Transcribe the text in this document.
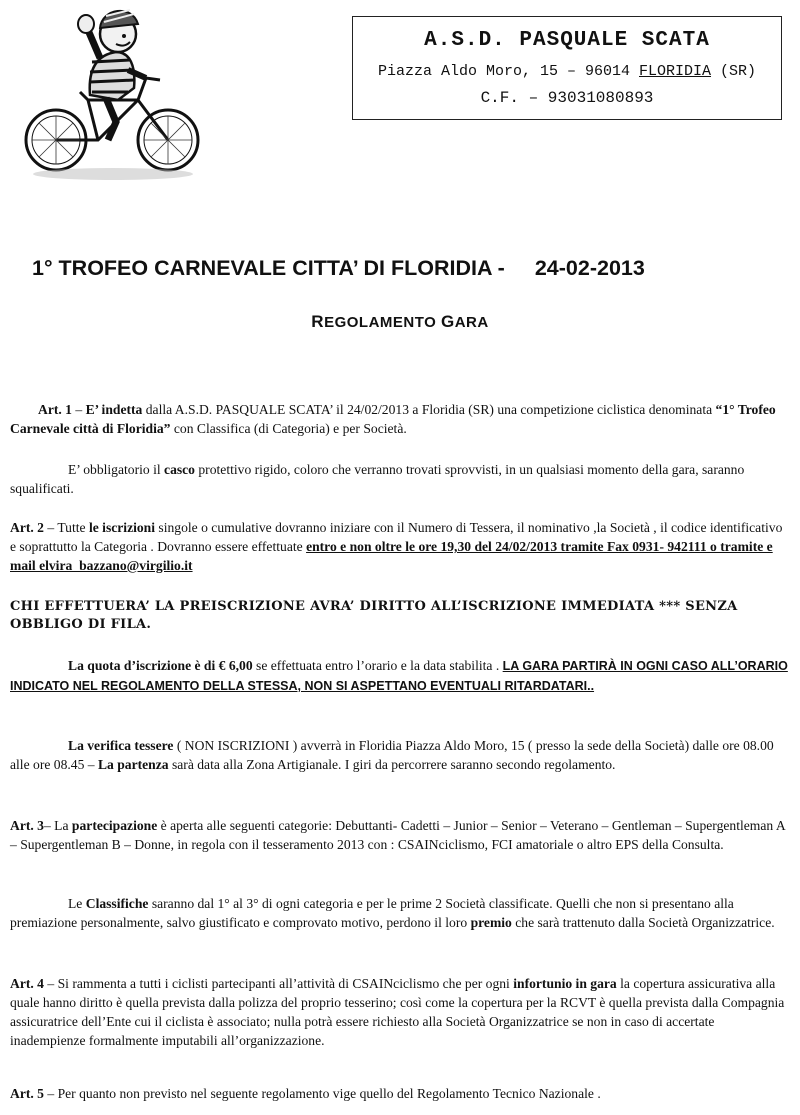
A.S.D. PASQUALE SCATA
Piazza Aldo Moro, 15 – 96014 FLORIDIA (SR)
C.F. – 93031080893
1° TROFEO CARNEVALE CITTA’ DI FLORIDIA - 24-02-2013
REGOLAMENTO GARA
Art. 1 – E’ indetta dalla A.S.D. PASQUALE SCATA’ il 24/02/2013 a Floridia (SR) una competizione ciclistica denominata “1° Trofeo Carnevale città di Floridia” con Classifica (di Categoria) e per Società.
E’ obbligatorio il casco protettivo rigido, coloro che verranno trovati sprovvisti, in un qualsiasi momento della gara, saranno squalificati.
Art. 2 – Tutte le iscrizioni singole o cumulative dovranno iniziare con il Numero di Tessera, il nominativo ,la Società , il codice identificativo e soprattutto la Categoria . Dovranno essere effettuate entro e non oltre le ore 19,30 del 24/02/2013 tramite Fax 0931- 942111 o tramite e mail elvira_bazzano@virgilio.it
CHI EFFETTUERA’ LA PREISCRIZIONE AVRA’ DIRITTO ALL’ISCRIZIONE IMMEDIATA *** SENZA OBBLIGO DI FILA.
La quota d’iscrizione è di € 6,00 se effettuata entro l’orario e la data stabilita . LA GARA PARTIRÀ IN OGNI CASO ALL’ORARIO INDICATO NEL REGOLAMENTO DELLA STESSA, NON SI ASPETTANO EVENTUALI RITARDATARI..
La verifica tessere ( NON ISCRIZIONI ) avverrà in Floridia Piazza Aldo Moro, 15 ( presso la sede della Società) dalle ore 08.00 alle ore 08.45 – La partenza sarà data alla Zona Artigianale. I giri da percorrere saranno secondo regolamento.
Art. 3– La partecipazione è aperta alle seguenti categorie: Debuttanti- Cadetti – Junior – Senior – Veterano – Gentleman – Supergentleman A – Supergentleman B – Donne, in regola con il tesseramento 2013 con : CSAINciclismo, FCI amatoriale o altro EPS della Consulta.
Le Classifiche saranno dal 1° al 3° di ogni categoria e per le prime 2 Società classificate. Quelli che non si presentano alla premiazione personalmente, salvo giustificato e comprovato motivo, perdono il loro premio che sarà trattenuto dalla Società Organizzatrice.
Art. 4 – Si rammenta a tutti i ciclisti partecipanti all’attività di CSAINciclismo che per ogni infortunio in gara la copertura assicurativa alla quale hanno diritto è quella prevista dalla polizza del proprio tesserino; così come la copertura per la RCVT è quella prevista dalla Compagnia assicuratrice dell’Ente cui il ciclista è associato; nulla potrà essere richiesto alla Società Organizzatrice se non in caso di accertate inadempienze formalmente imputabili all’organizzazione.
Art. 5 – Per quanto non previsto nel seguente regolamento vige quello del Regolamento Tecnico Nazionale .
